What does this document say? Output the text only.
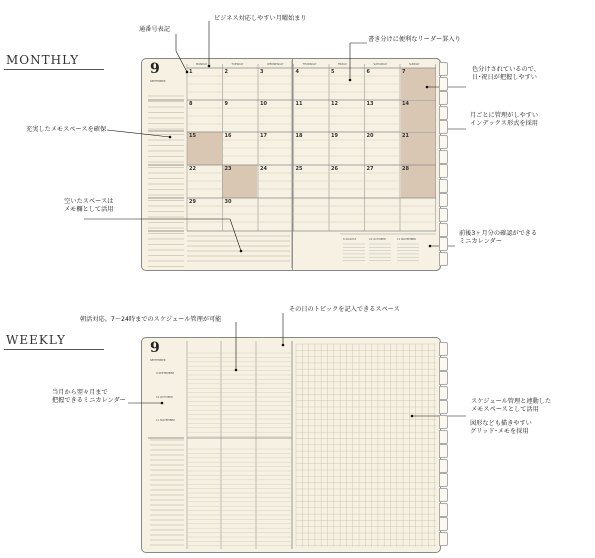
MONTHLY
9
SEPTEMBER
1	2	3	4	5	6	7
8	9	10	11	12	13	14
15	16	17	18	19	20	21
22	23	24	25	26	27	28
29	30
MONDAY	TUESDAY	WEDNESDAY	THURSDAY	FRIDAY	SATURDAY	SUNDAY
8 AUGUST	10 OCTOBER	11 NOVEMBER
通番号表記
ビジネス対応しやすい月曜始まり
書き分けに便利なリーダー罫入り
色分けされているので、
日･祝日が把握しやすい
充実したメモスペースを確保
月ごとに管理がしやすい
インデックス形式を採用
空いたスペースは
メモ欄として活用
前後3ヶ月分の確認ができる
ミニカレンダー
WEEKLY	9
SEPTEMBER
9 SEPTEMBER
10 OCTOBER
11 NOVEMBER
朝活対応。7～24時までのスケジュール管理が可能
その日のトピックを記入できるスペース
当月から翌々月まで
把握できるミニカレンダー	スケジュール管理と連動した
メモスペースとして活用
図形なども描きやすい
グリッド･メモを採用
